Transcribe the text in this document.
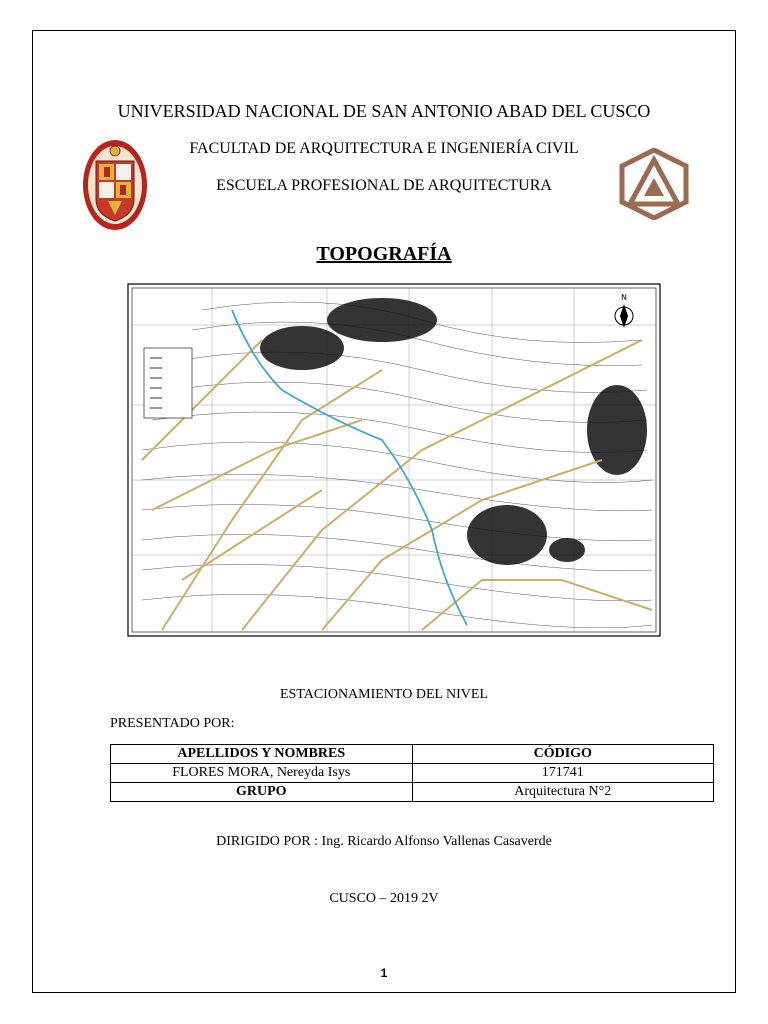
UNIVERSIDAD NACIONAL DE SAN ANTONIO ABAD DEL CUSCO
FACULTAD DE ARQUITECTURA E INGENIERÍA CIVIL
ESCUELA PROFESIONAL DE ARQUITECTURA
TOPOGRAFÍA
N
ESTACIONAMIENTO DEL NIVEL
PRESENTADO POR:
APELLIDOS Y NOMBRES	CÓDIGO
FLORES MORA, Nereyda Isys	171741
GRUPO	Arquitectura N°2
DIRIGIDO POR : Ing. Ricardo Alfonso Vallenas Casaverde
CUSCO – 2019 2V
1
